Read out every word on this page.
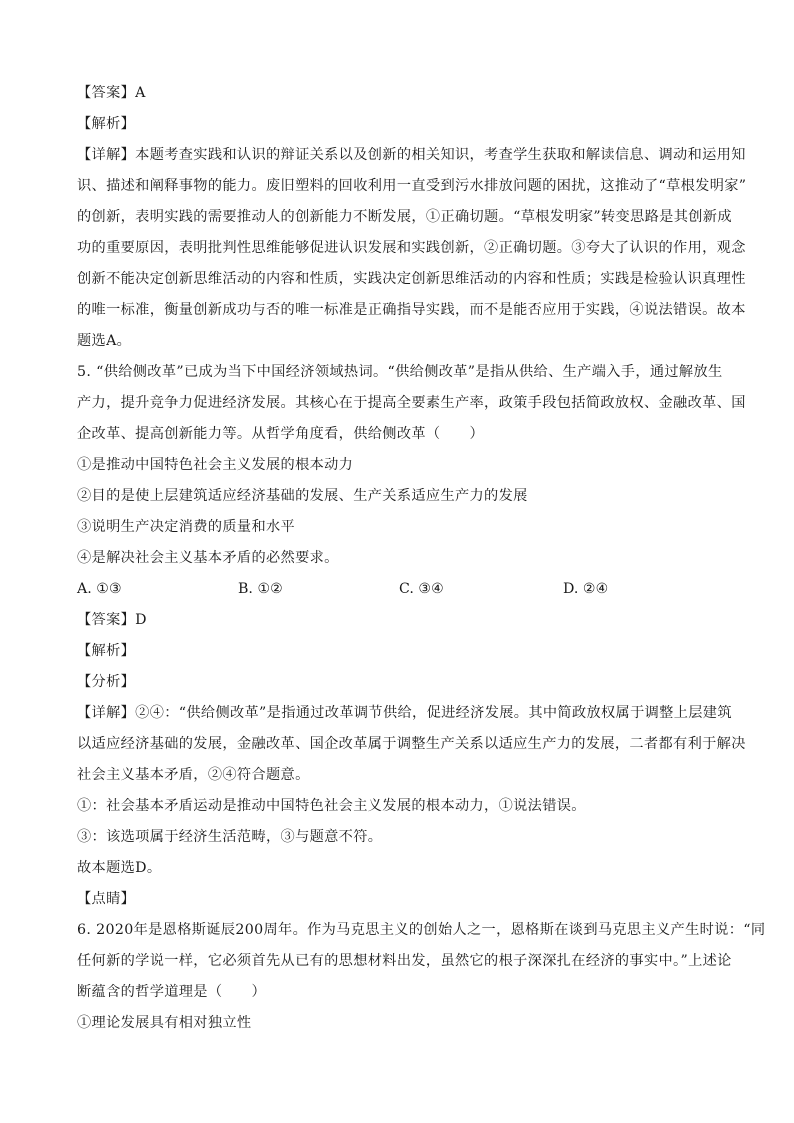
【答案】A
【解析】
【详解】本题考查实践和认识的辩证关系以及创新的相关知识，考查学生获取和解读信息、调动和运用知
识、描述和阐释事物的能力。废旧塑料的回收利用一直受到污水排放问题的困扰，这推动了“草根发明家”
的创新，表明实践的需要推动人的创新能力不断发展，①正确切题。“草根发明家”转变思路是其创新成
功的重要原因，表明批判性思维能够促进认识发展和实践创新，②正确切题。③夸大了认识的作用，观念
创新不能决定创新思维活动的内容和性质，实践决定创新思维活动的内容和性质；实践是检验认识真理性
的唯一标准，衡量创新成功与否的唯一标准是正确指导实践，而不是能否应用于实践，④说法错误。故本
题选A。
5. “供给侧改革”已成为当下中国经济领域热词。“供给侧改革”是指从供给、生产端入手，通过解放生
产力，提升竞争力促进经济发展。其核心在于提高全要素生产率，政策手段包括简政放权、金融改革、国
企改革、提高创新能力等。从哲学角度看，供给侧改革（　　）
①是推动中国特色社会主义发展的根本动力
②目的是使上层建筑适应经济基础的发展、生产关系适应生产力的发展
③说明生产决定消费的质量和水平
④是解决社会主义基本矛盾的必然要求。
A. ①③	B. ①②	C. ③④	D. ②④
【答案】D
【解析】
【分析】
【详解】②④：“供给侧改革”是指通过改革调节供给，促进经济发展。其中简政放权属于调整上层建筑
以适应经济基础的发展，金融改革、国企改革属于调整生产关系以适应生产力的发展，二者都有利于解决
社会主义基本矛盾，②④符合题意。
①：社会基本矛盾运动是推动中国特色社会主义发展的根本动力，①说法错误。
③：该选项属于经济生活范畴，③与题意不符。
故本题选D。
【点睛】
6. 2020年是恩格斯诞辰200周年。作为马克思主义的创始人之一，恩格斯在谈到马克思主义产生时说：“同
任何新的学说一样，它必须首先从已有的思想材料出发，虽然它的根子深深扎在经济的事实中。”上述论
断蕴含的哲学道理是（　　）
①理论发展具有相对独立性
